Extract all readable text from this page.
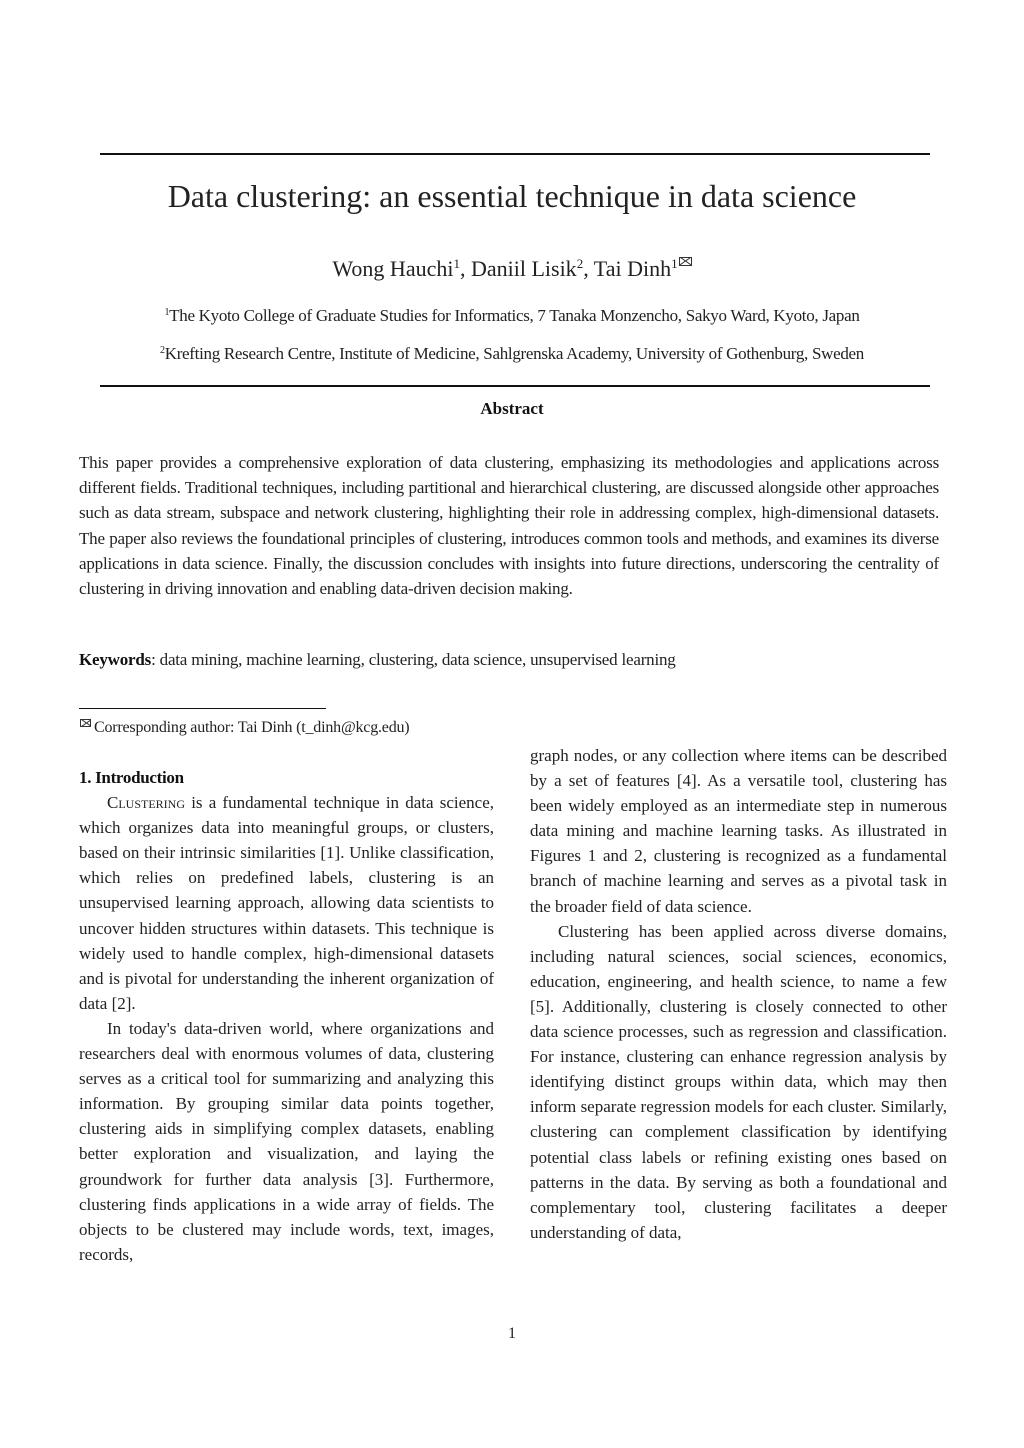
Data clustering: an essential technique in data science
Wong Hauchi$^1$, Daniil Lisik$^2$, Tai Dinh$^1$
$^1$The Kyoto College of Graduate Studies for Informatics, 7 Tanaka Monzencho, Sakyo Ward, Kyoto, Japan
$^2$Krefting Research Centre, Institute of Medicine, Sahlgrenska Academy, University of Gothenburg, Sweden
Abstract

This paper provides a comprehensive exploration of data clustering, emphasizing its methodologies and applications across different fields. Traditional techniques, including partitional and hierarchical clustering, are discussed alongside other approaches such as data stream, subspace and network clustering, highlighting their role in addressing complex, high-dimensional datasets. The paper also reviews the foundational principles of clustering, introduces common tools and methods, and examines its diverse applications in data science. Finally, the discussion concludes with insights into future directions, underscoring the centrality of clustering in driving innovation and enabling data-driven decision making.

Keywords: data mining, machine learning, clustering, data science, unsupervised learning
Corresponding author: Tai Dinh (t_dinh@kcg.edu)
1. Introduction

Clustering is a fundamental technique in data science, which organizes data into meaningful groups, or clusters, based on their intrinsic similarities [1]. Unlike classification, which relies on predefined labels, clustering is an unsupervised learning approach, allowing data scientists to uncover hidden structures within datasets. This technique is widely used to handle complex, high-dimensional datasets and is pivotal for understanding the inherent organization of data [2].

In today's data-driven world, where organizations and researchers deal with enormous volumes of data, clustering serves as a critical tool for summarizing and analyzing this information. By grouping similar data points together, clustering aids in simplifying complex datasets, enabling better exploration and visualization, and laying the groundwork for further data analysis [3]. Furthermore, clustering finds applications in a wide array of fields. The objects to be clustered may include words, text, images, records,

graph nodes, or any collection where items can be described by a set of features [4]. As a versatile tool, clustering has been widely employed as an intermediate step in numerous data mining and machine learning tasks. As illustrated in Figures 1 and 2, clustering is recognized as a fundamental branch of machine learning and serves as a pivotal task in the broader field of data science.

Clustering has been applied across diverse domains, including natural sciences, social sciences, economics, education, engineering, and health science, to name a few [5]. Additionally, clustering is closely connected to other data science processes, such as regression and classification. For instance, clustering can enhance regression analysis by identifying distinct groups within data, which may then inform separate regression models for each cluster. Similarly, clustering can complement classification by identifying potential class labels or refining existing ones based on patterns in the data. By serving as both a foundational and complementary tool, clustering facilitates a deeper understanding of data,

1
